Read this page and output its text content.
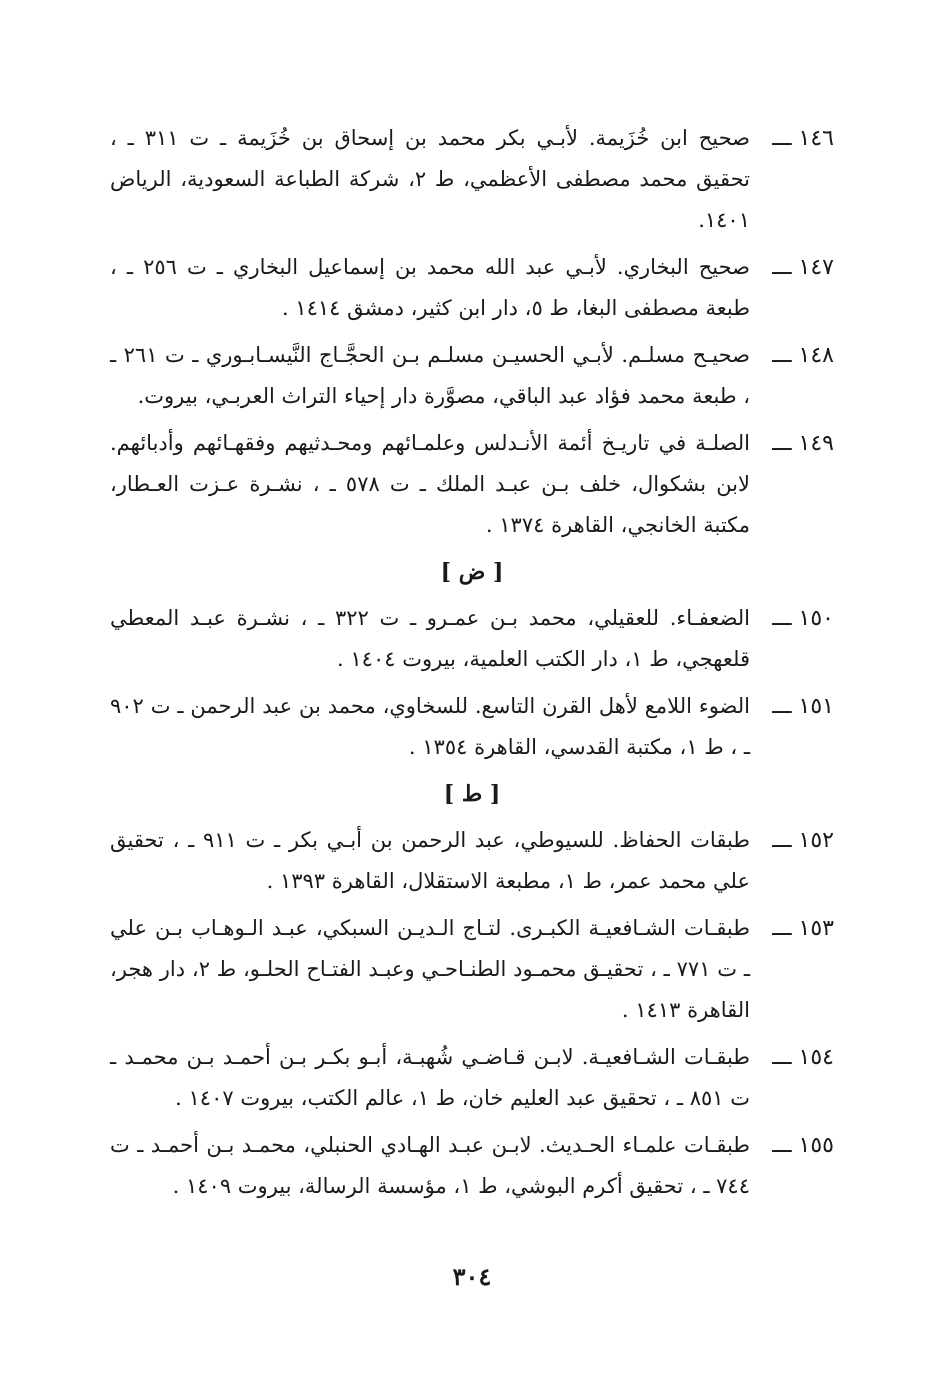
١٤٦ ـــ
صحيح ابن خُزَيمة. لأبـي بكر محمد بن إسحاق بن خُزَيمة ـ ت ٣١١ ـ ، تحقيق محمد مصطفى الأعظمي، ط ٢، شركة الطباعة السعودية، الرياض ١٤٠١.
١٤٧ ـــ
صحيح البخاري. لأبـي عبد الله محمد بن إسماعيل البخاري ـ ت ٢٥٦ ـ ، طبعة مصطفى البغا، ط ٥، دار ابن كثير، دمشق ١٤١٤ .
١٤٨ ـــ
صحيـح مسلـم. لأبـي الحسيـن مسلـم بـن الحجَّـاج النَّيسـابـوري ـ ت ٢٦١ ـ ، طبعة محمد فؤاد عبد الباقي، مصوَّرة دار إحياء التراث العربـي، بيروت.
١٤٩ ـــ
الصلـة في تاريـخ أئمة الأنـدلس وعلمـائهم ومحـدثيهم وفقهـائهم وأدبائهم. لابن بشكوال، خلف بـن عبـد الملك ـ ت ٥٧٨ ـ ، نشـرة عـزت العـطار، مكتبة الخانجي، القاهرة ١٣٧٤ .
[ ض ]
١٥٠ ـــ
الضعفـاء. للعقيلي، محمد بـن عمـرو ـ ت ٣٢٢ ـ ، نشـرة عبـد المعطي قلعهجي، ط ١، دار الكتب العلمية، بيروت ١٤٠٤ .
١٥١ ـــ
الضوء اللامع لأهل القرن التاسع. للسخاوي، محمد بن عبد الرحمن ـ ت ٩٠٢ ـ ، ط ١، مكتبة القدسي، القاهرة ١٣٥٤ .
[ ط ]
١٥٢ ـــ
طبقات الحفاظ. للسيوطي، عبد الرحمن بن أبـي بكر ـ ت ٩١١ ـ ، تحقيق علي محمد عمر، ط ١، مطبعة الاستقلال، القاهرة ١٣٩٣ .
١٥٣ ـــ
طبقـات الشـافعيـة الكبـرى. لتـاج الـديـن السبكي، عبـد الـوهـاب بـن علي ـ ت ٧٧١ ـ ، تحقيـق محمـود الطنـاحـي وعبـد الفتـاح الحلـو، ط ٢، دار هجر، القاهرة ١٤١٣ .
١٥٤ ـــ
طبقـات الشـافعيـة. لابـن قـاضـي شُهبـة، أبـو بكـر بـن أحمـد بـن محمـد ـ ت ٨٥١ ـ ، تحقيق عبد العليم خان، ط ١، عالم الكتب، بيروت ١٤٠٧ .
١٥٥ ـــ
طبقـات علمـاء الحـديث. لابـن عبـد الهـادي الحنبلي، محمـد بـن أحمـد ـ ت ٧٤٤ ـ ، تحقيق أكرم البوشي، ط ١، مؤسسة الرسالة، بيروت ١٤٠٩ .
٣٠٤
